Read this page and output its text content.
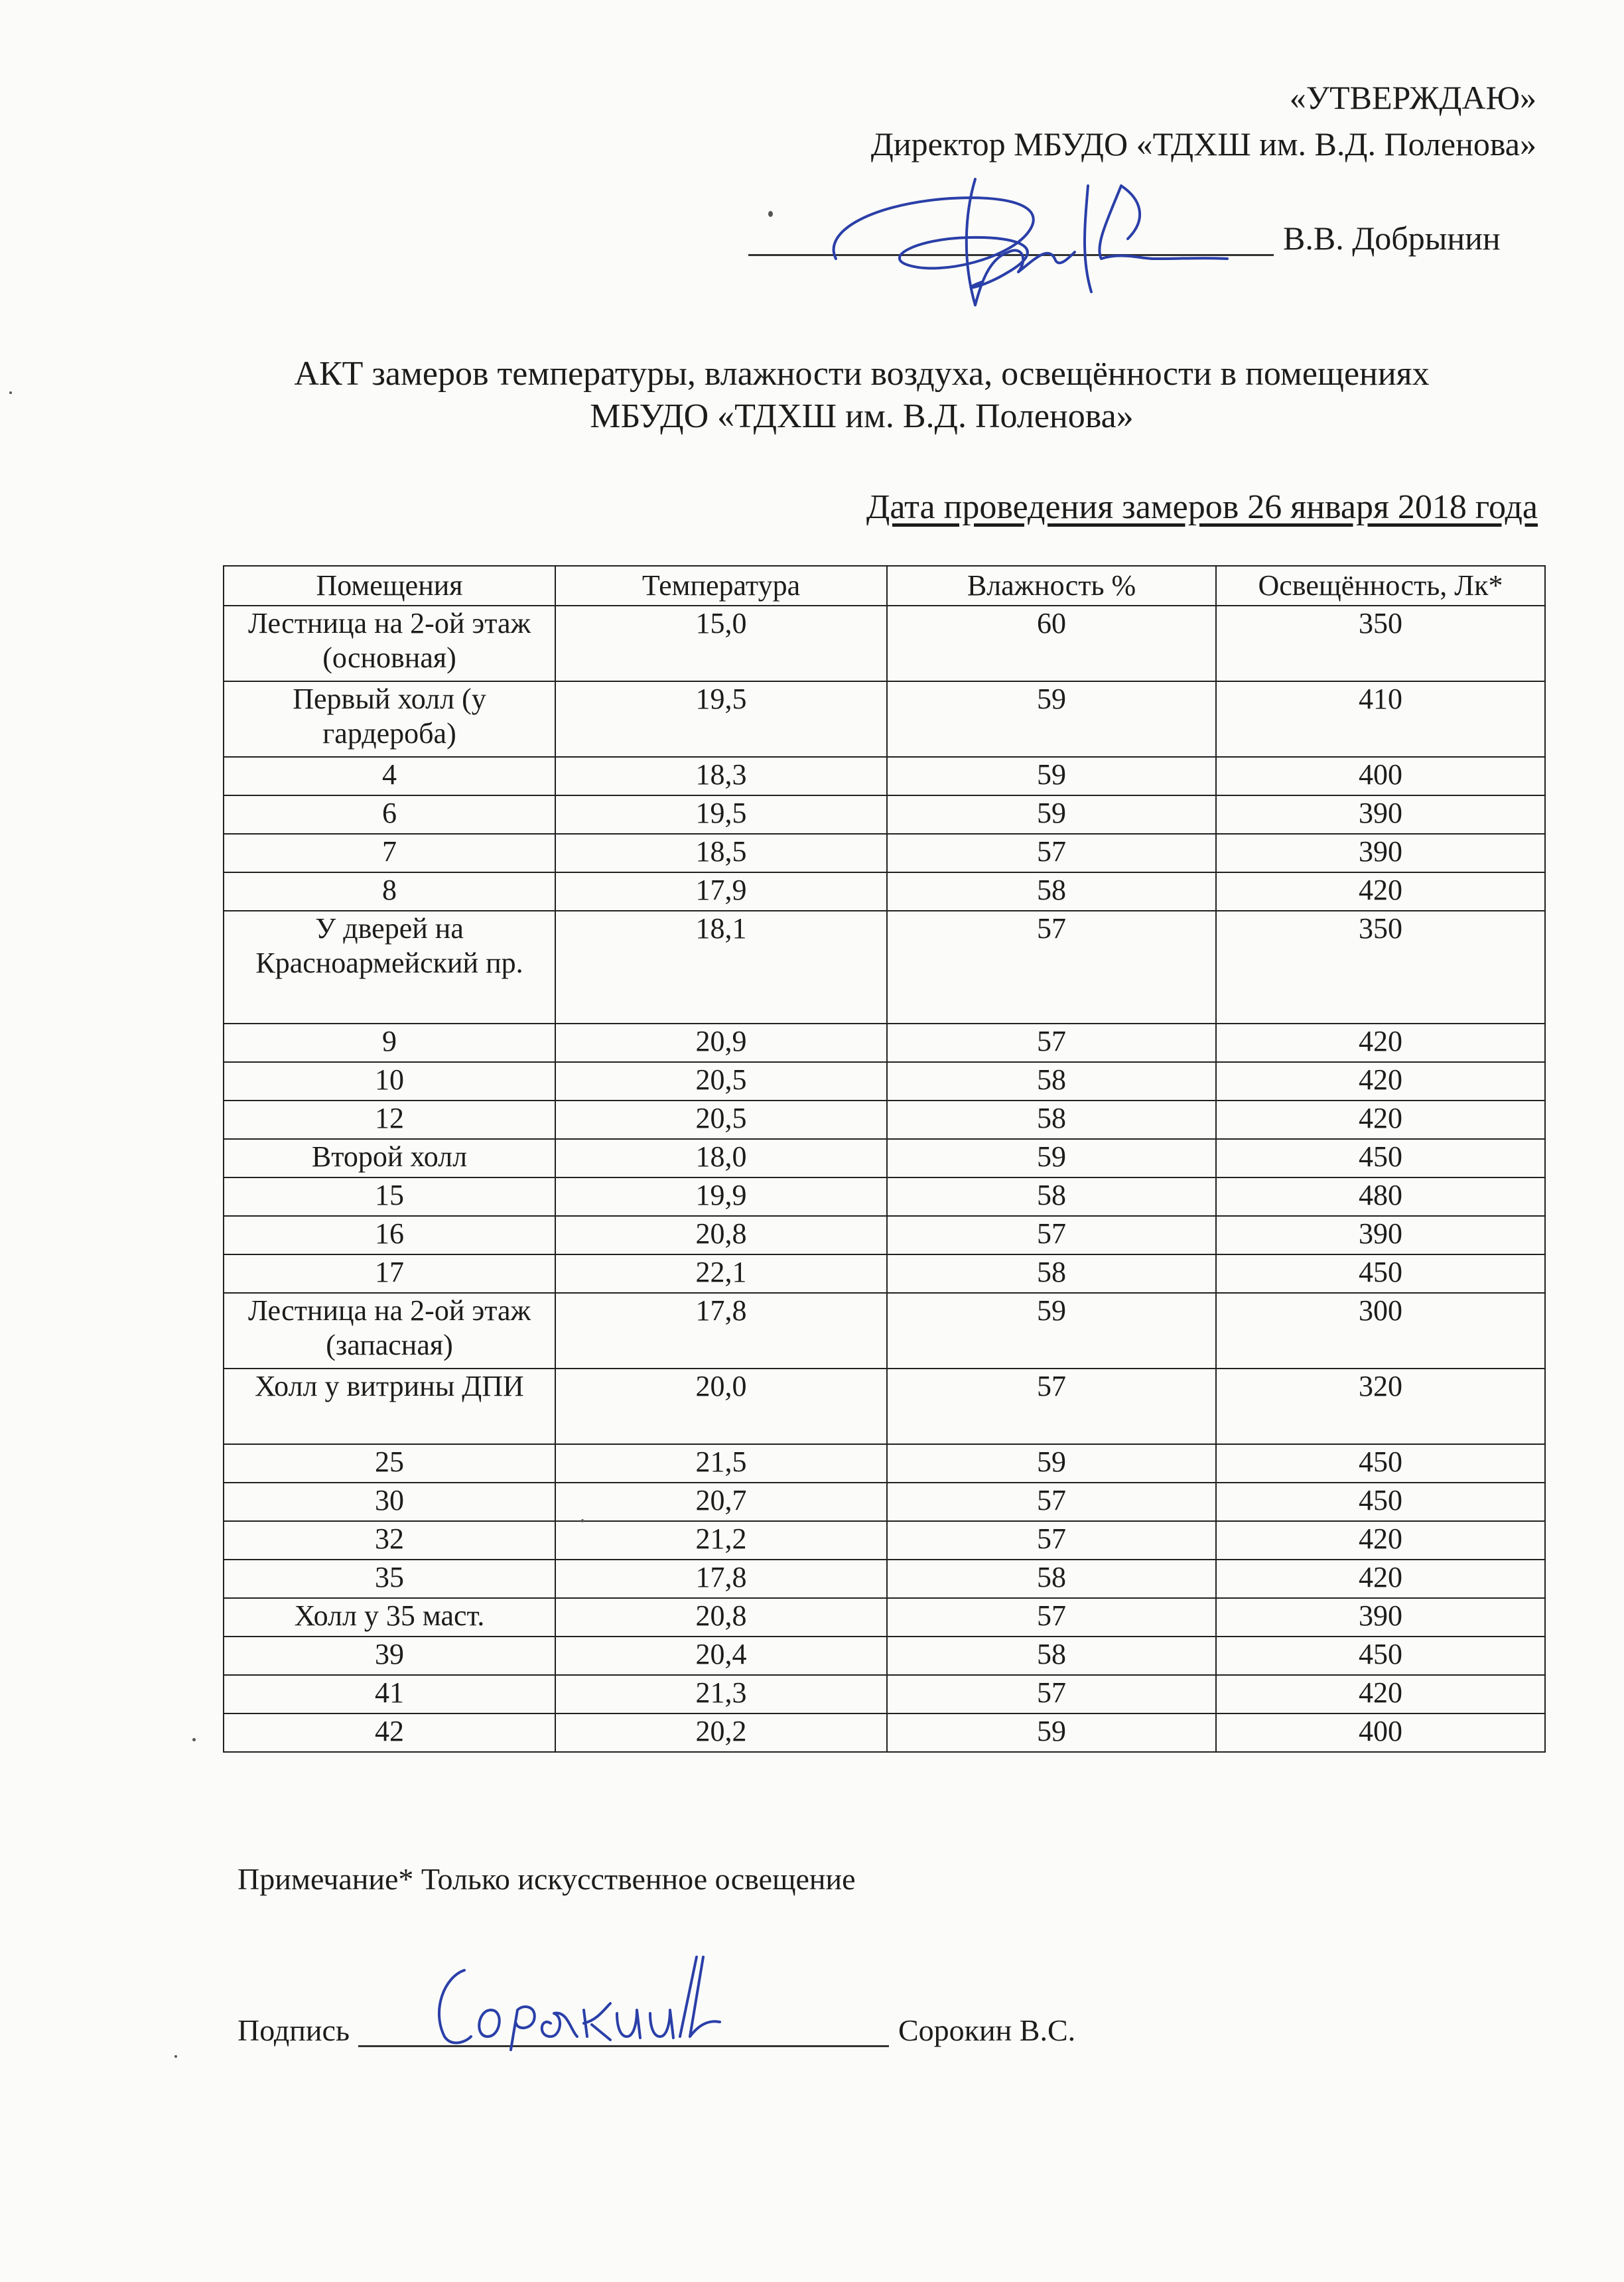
«УТВЕРЖДАЮ»
Директор МБУДО «ТДХШ им. В.Д. Поленова»
В.В. Добрынин
АКТ замеров температуры, влажности воздуха, освещённости в помещениях
МБУДО «ТДХШ им. В.Д. Поленова»
Дата проведения замеров 26 января 2018 года
Помещения	Температура	Влажность %	Освещённость, Лк*
Лестница на 2-ой этаж (основная)	15,0	60	350
Первый холл (у гардероба)	19,5	59	410
4	18,3	59	400
6	19,5	59	390
7	18,5	57	390
8	17,9	58	420
У дверей на Красноармейский пр.	18,1	57	350
9	20,9	57	420
10	20,5	58	420
12	20,5	58	420
Второй холл	18,0	59	450
15	19,9	58	480
16	20,8	57	390
17	22,1	58	450
Лестница на 2-ой этаж (запасная)	17,8	59	300
Холл у витрины ДПИ	20,0	57	320
25	21,5	59	450
30	20,7	57	450
32	21,2	57	420
35	17,8	58	420
Холл у 35 маст.	20,8	57	390
39	20,4	58	450
41	21,3	57	420
42	20,2	59	400
Примечание* Только искусственное освещение
Подпись	Сорокин В.С.
